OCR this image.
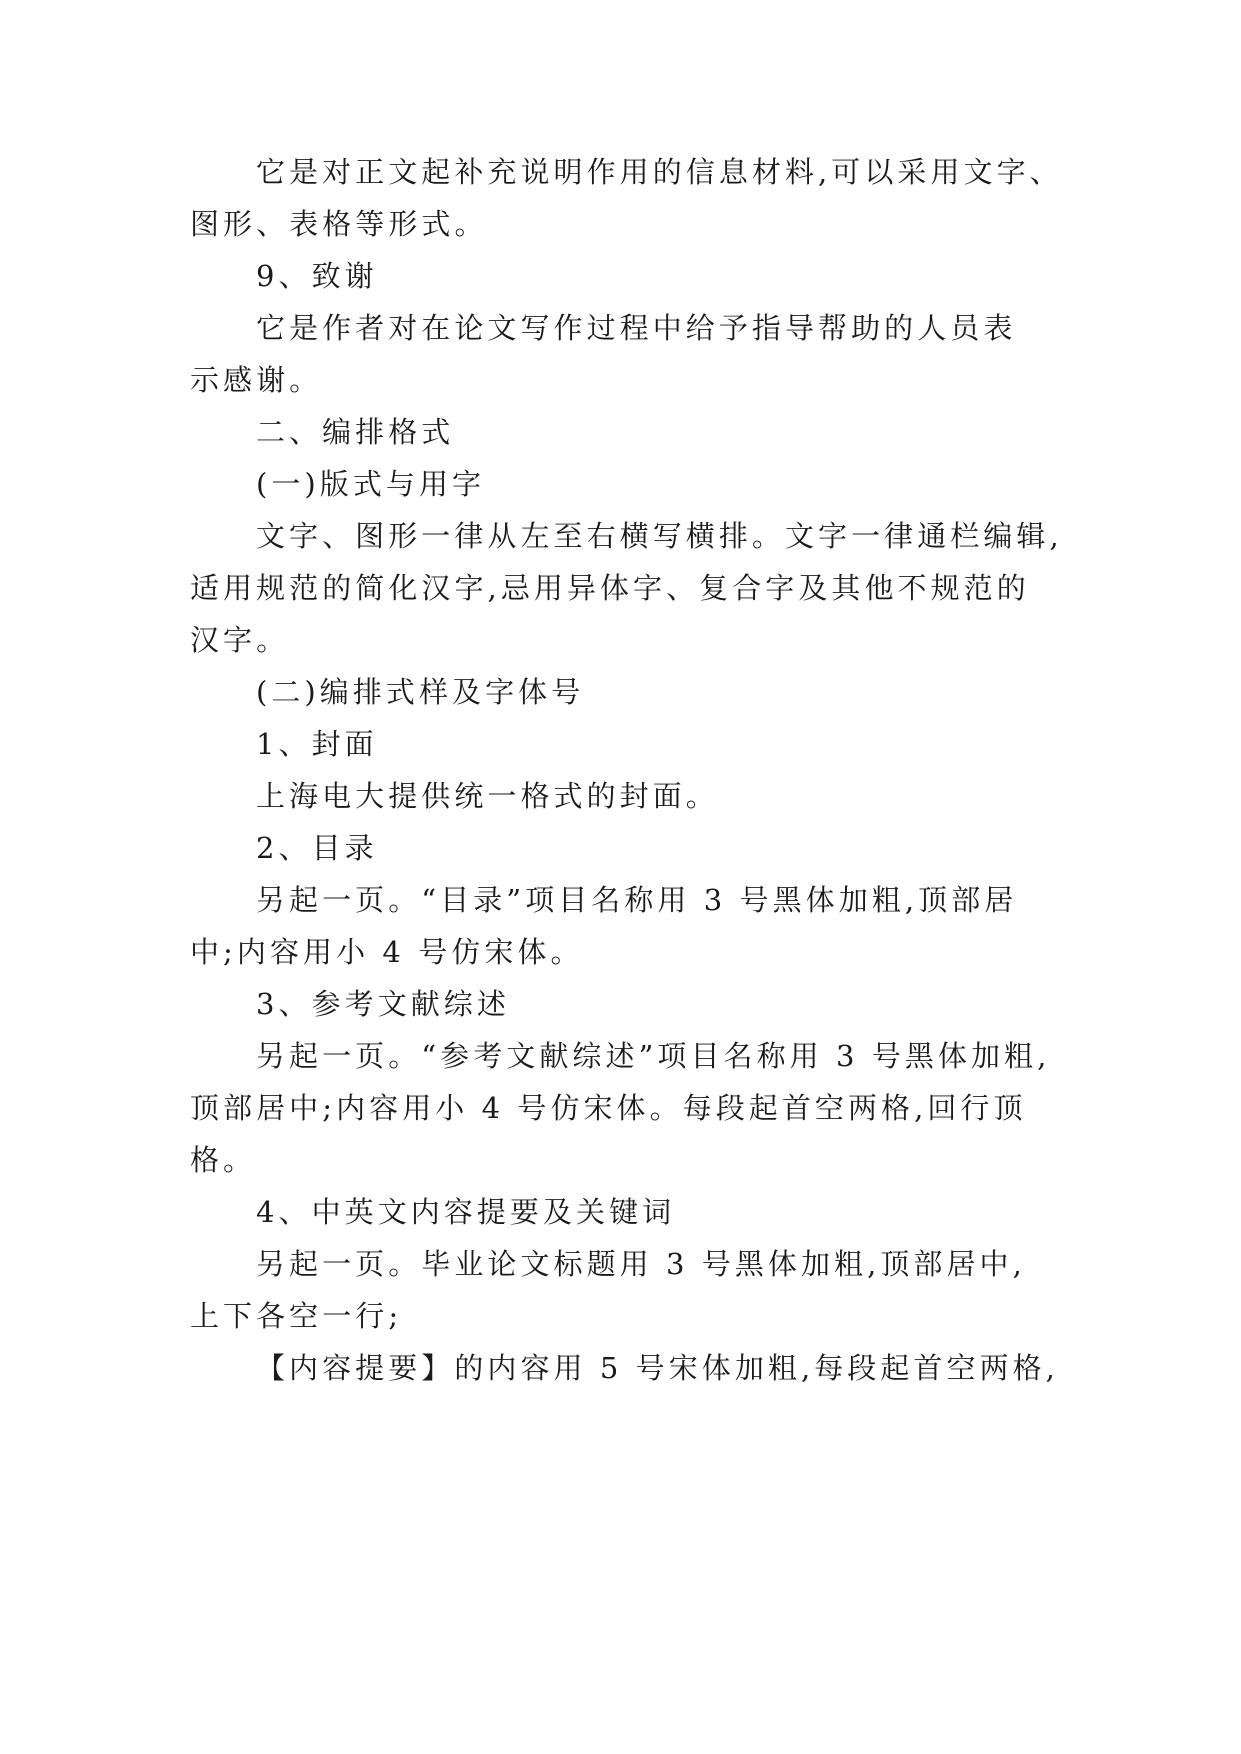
它是对正文起补充说明作用的信息材料,可以采用文字、
图形、表格等形式。
9、致谢
它是作者对在论文写作过程中给予指导帮助的人员表
示感谢。
二、编排格式
(一)版式与用字
文字、图形一律从左至右横写横排。文字一律通栏编辑,
适用规范的简化汉字,忌用异体字、复合字及其他不规范的
汉字。
(二)编排式样及字体号
1、封面
上海电大提供统一格式的封面。
2、目录
另起一页。“目录”项目名称用 3 号黑体加粗,顶部居
中;内容用小 4 号仿宋体。
3、参考文献综述
另起一页。“参考文献综述”项目名称用 3 号黑体加粗,
顶部居中;内容用小 4 号仿宋体。每段起首空两格,回行顶
格。
4、中英文内容提要及关键词
另起一页。毕业论文标题用 3 号黑体加粗,顶部居中,
上下各空一行;
【内容提要】的内容用 5 号宋体加粗,每段起首空两格,
